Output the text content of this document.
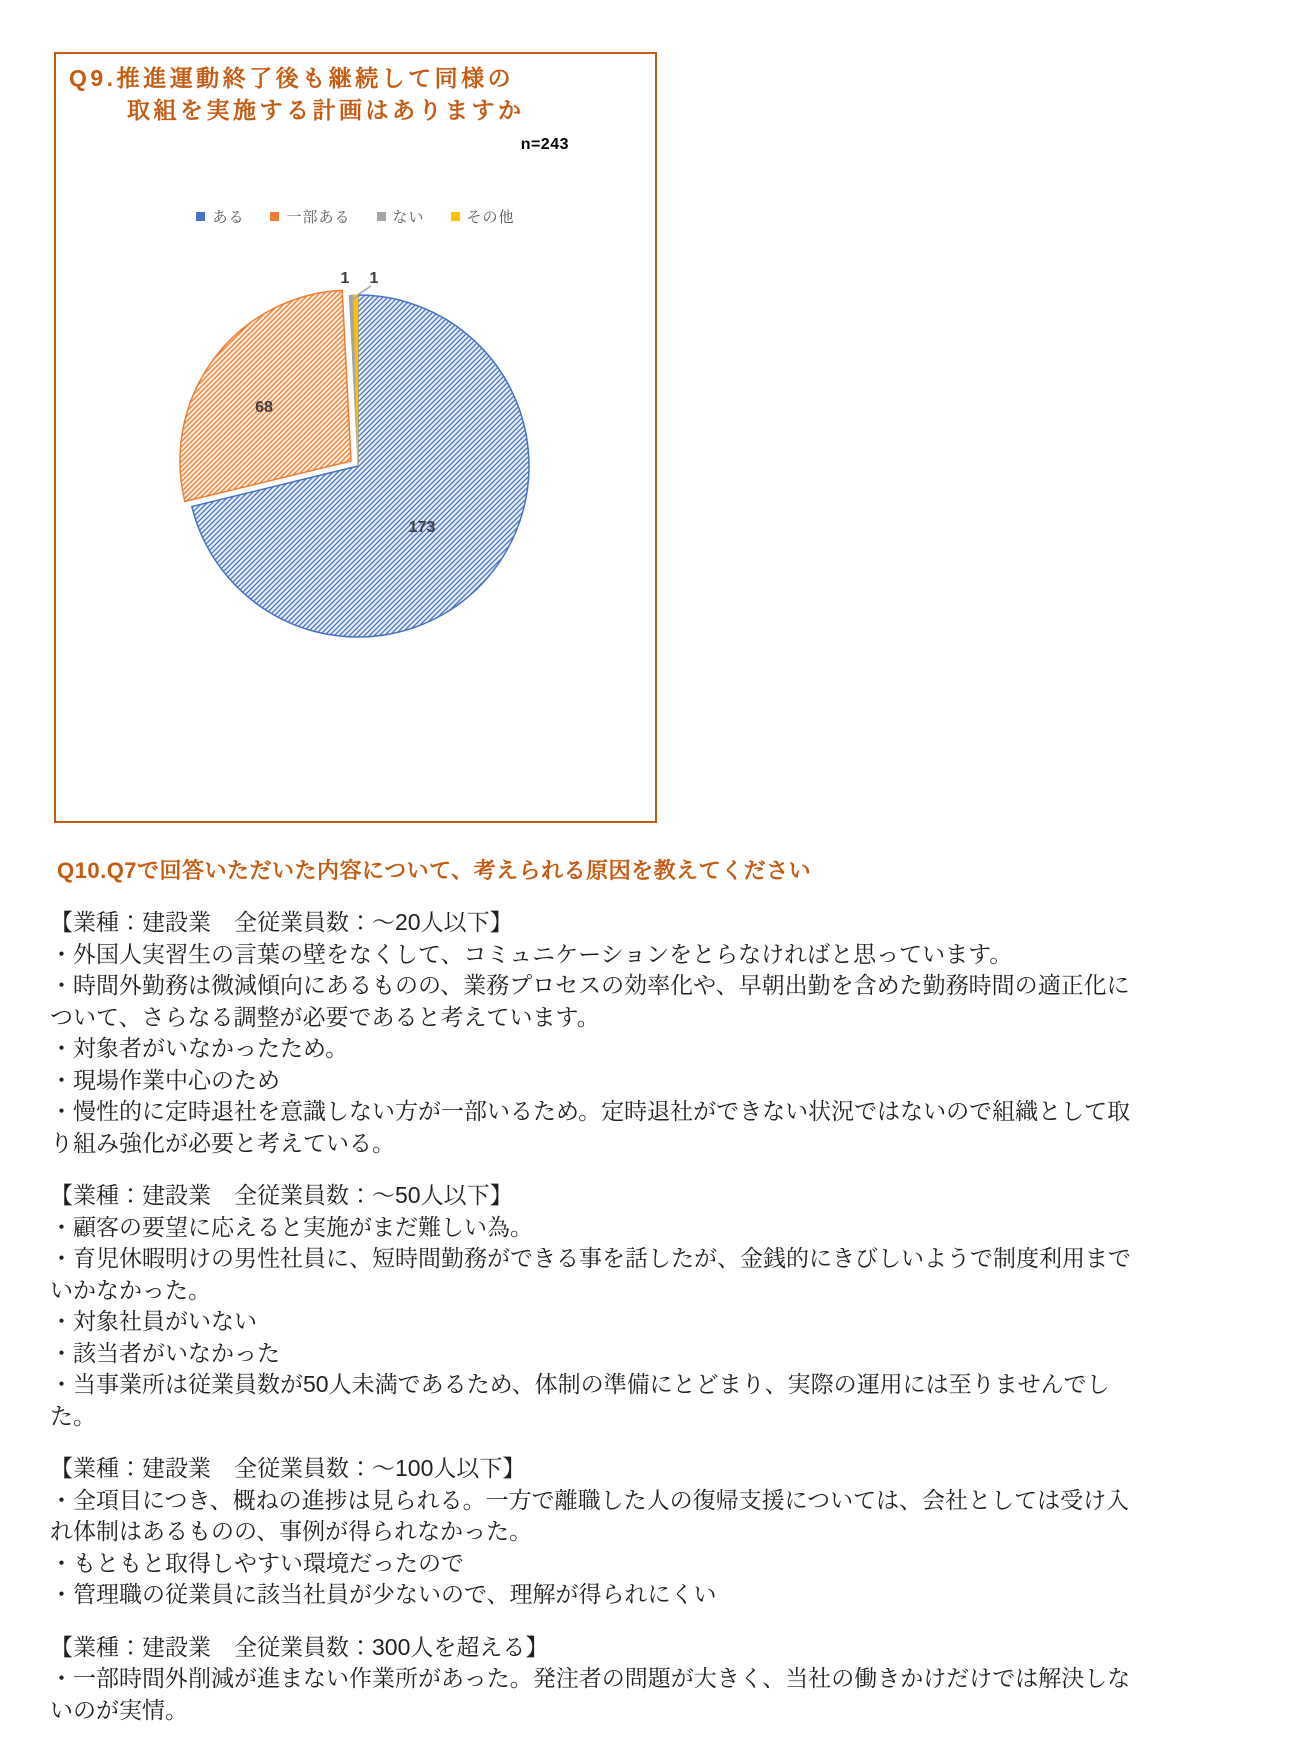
Q9.推進運動終了後も継続して同様の
取組を実施する計画はありますか
n=243
ある	一部ある	ない	その他
173
68
1 1
Q10.Q7で回答いただいた内容について、考えられる原因を教えてください
【業種：建設業　全従業員数：～20人以下】
・外国人実習生の言葉の壁をなくして、コミュニケーションをとらなければと思っています。
・時間外勤務は微減傾向にあるものの、業務プロセスの効率化や、早朝出勤を含めた勤務時間の適正化について、さらなる調整が必要であると考えています。
・対象者がいなかったため。
・現場作業中心のため
・慢性的に定時退社を意識しない方が一部いるため。定時退社ができない状況ではないので組織として取り組み強化が必要と考えている。
【業種：建設業　全従業員数：～50人以下】
・顧客の要望に応えると実施がまだ難しい為。
・育児休暇明けの男性社員に、短時間勤務ができる事を話したが、金銭的にきびしいようで制度利用までいかなかった。
・対象社員がいない
・該当者がいなかった
・当事業所は従業員数が50人未満であるため、体制の準備にとどまり、実際の運用には至りませんでした。
【業種：建設業　全従業員数：～100人以下】
・全項目につき、概ねの進捗は見られる。一方で離職した人の復帰支援については、会社としては受け入れ体制はあるものの、事例が得られなかった。
・もともと取得しやすい環境だったので
・管理職の従業員に該当社員が少ないので、理解が得られにくい
【業種：建設業　全従業員数：300人を超える】
・一部時間外削減が進まない作業所があった。発注者の問題が大きく、当社の働きかけだけでは解決しないのが実情。
